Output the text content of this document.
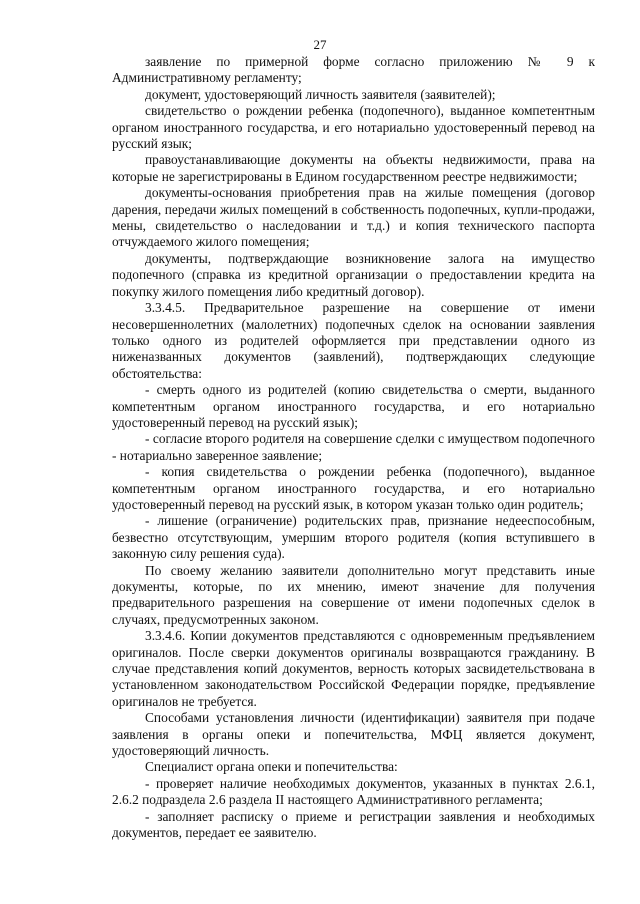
27

заявление по примерной форме согласно приложению № 9 к Административному регламенту;

документ, удостоверяющий личность заявителя (заявителей);

свидетельство о рождении ребенка (подопечного), выданное компетентным органом иностранного государства, и его нотариально удостоверенный перевод на русский язык;

правоустанавливающие документы на объекты недвижимости, права на которые не зарегистрированы в Едином государственном реестре недвижимости;

документы-основания приобретения прав на жилые помещения (договор дарения, передачи жилых помещений в собственность подопечных, купли-продажи, мены, свидетельство о наследовании и т.д.) и копия технического паспорта отчуждаемого жилого помещения;

документы, подтверждающие возникновение залога на имущество подопечного (справка из кредитной организации о предоставлении кредита на покупку жилого помещения либо кредитный договор).

3.3.4.5. Предварительное разрешение на совершение от имени несовершеннолетних (малолетних) подопечных сделок на основании заявления только одного из родителей оформляется при представлении одного из ниженазванных документов (заявлений), подтверждающих следующие обстоятельства:

- смерть одного из родителей (копию свидетельства о смерти, выданного компетентным органом иностранного государства, и его нотариально удостоверенный перевод на русский язык);

- согласие второго родителя на совершение сделки с имуществом подопечного - нотариально заверенное заявление;

- копия свидетельства о рождении ребенка (подопечного), выданное компетентным органом иностранного государства, и его нотариально удостоверенный перевод на русский язык, в котором указан только один родитель;

- лишение (ограничение) родительских прав, признание недееспособным, безвестно отсутствующим, умершим второго родителя (копия вступившего в законную силу решения суда).

По своему желанию заявители дополнительно могут представить иные документы, которые, по их мнению, имеют значение для получения предварительного разрешения на совершение от имени подопечных сделок в случаях, предусмотренных законом.

3.3.4.6. Копии документов представляются с одновременным предъявлением оригиналов. После сверки документов оригиналы возвращаются гражданину. В случае представления копий документов, верность которых засвидетельствована в установленном законодательством Российской Федерации порядке, предъявление оригиналов не требуется.

Способами установления личности (идентификации) заявителя при подаче заявления в органы опеки и попечительства, МФЦ является документ, удостоверяющий личность.

Специалист органа опеки и попечительства:

- проверяет наличие необходимых документов, указанных в пунктах 2.6.1, 2.6.2 подраздела 2.6 раздела II настоящего Административного регламента;

- заполняет расписку о приеме и регистрации заявления и необходимых документов, передает ее заявителю.
